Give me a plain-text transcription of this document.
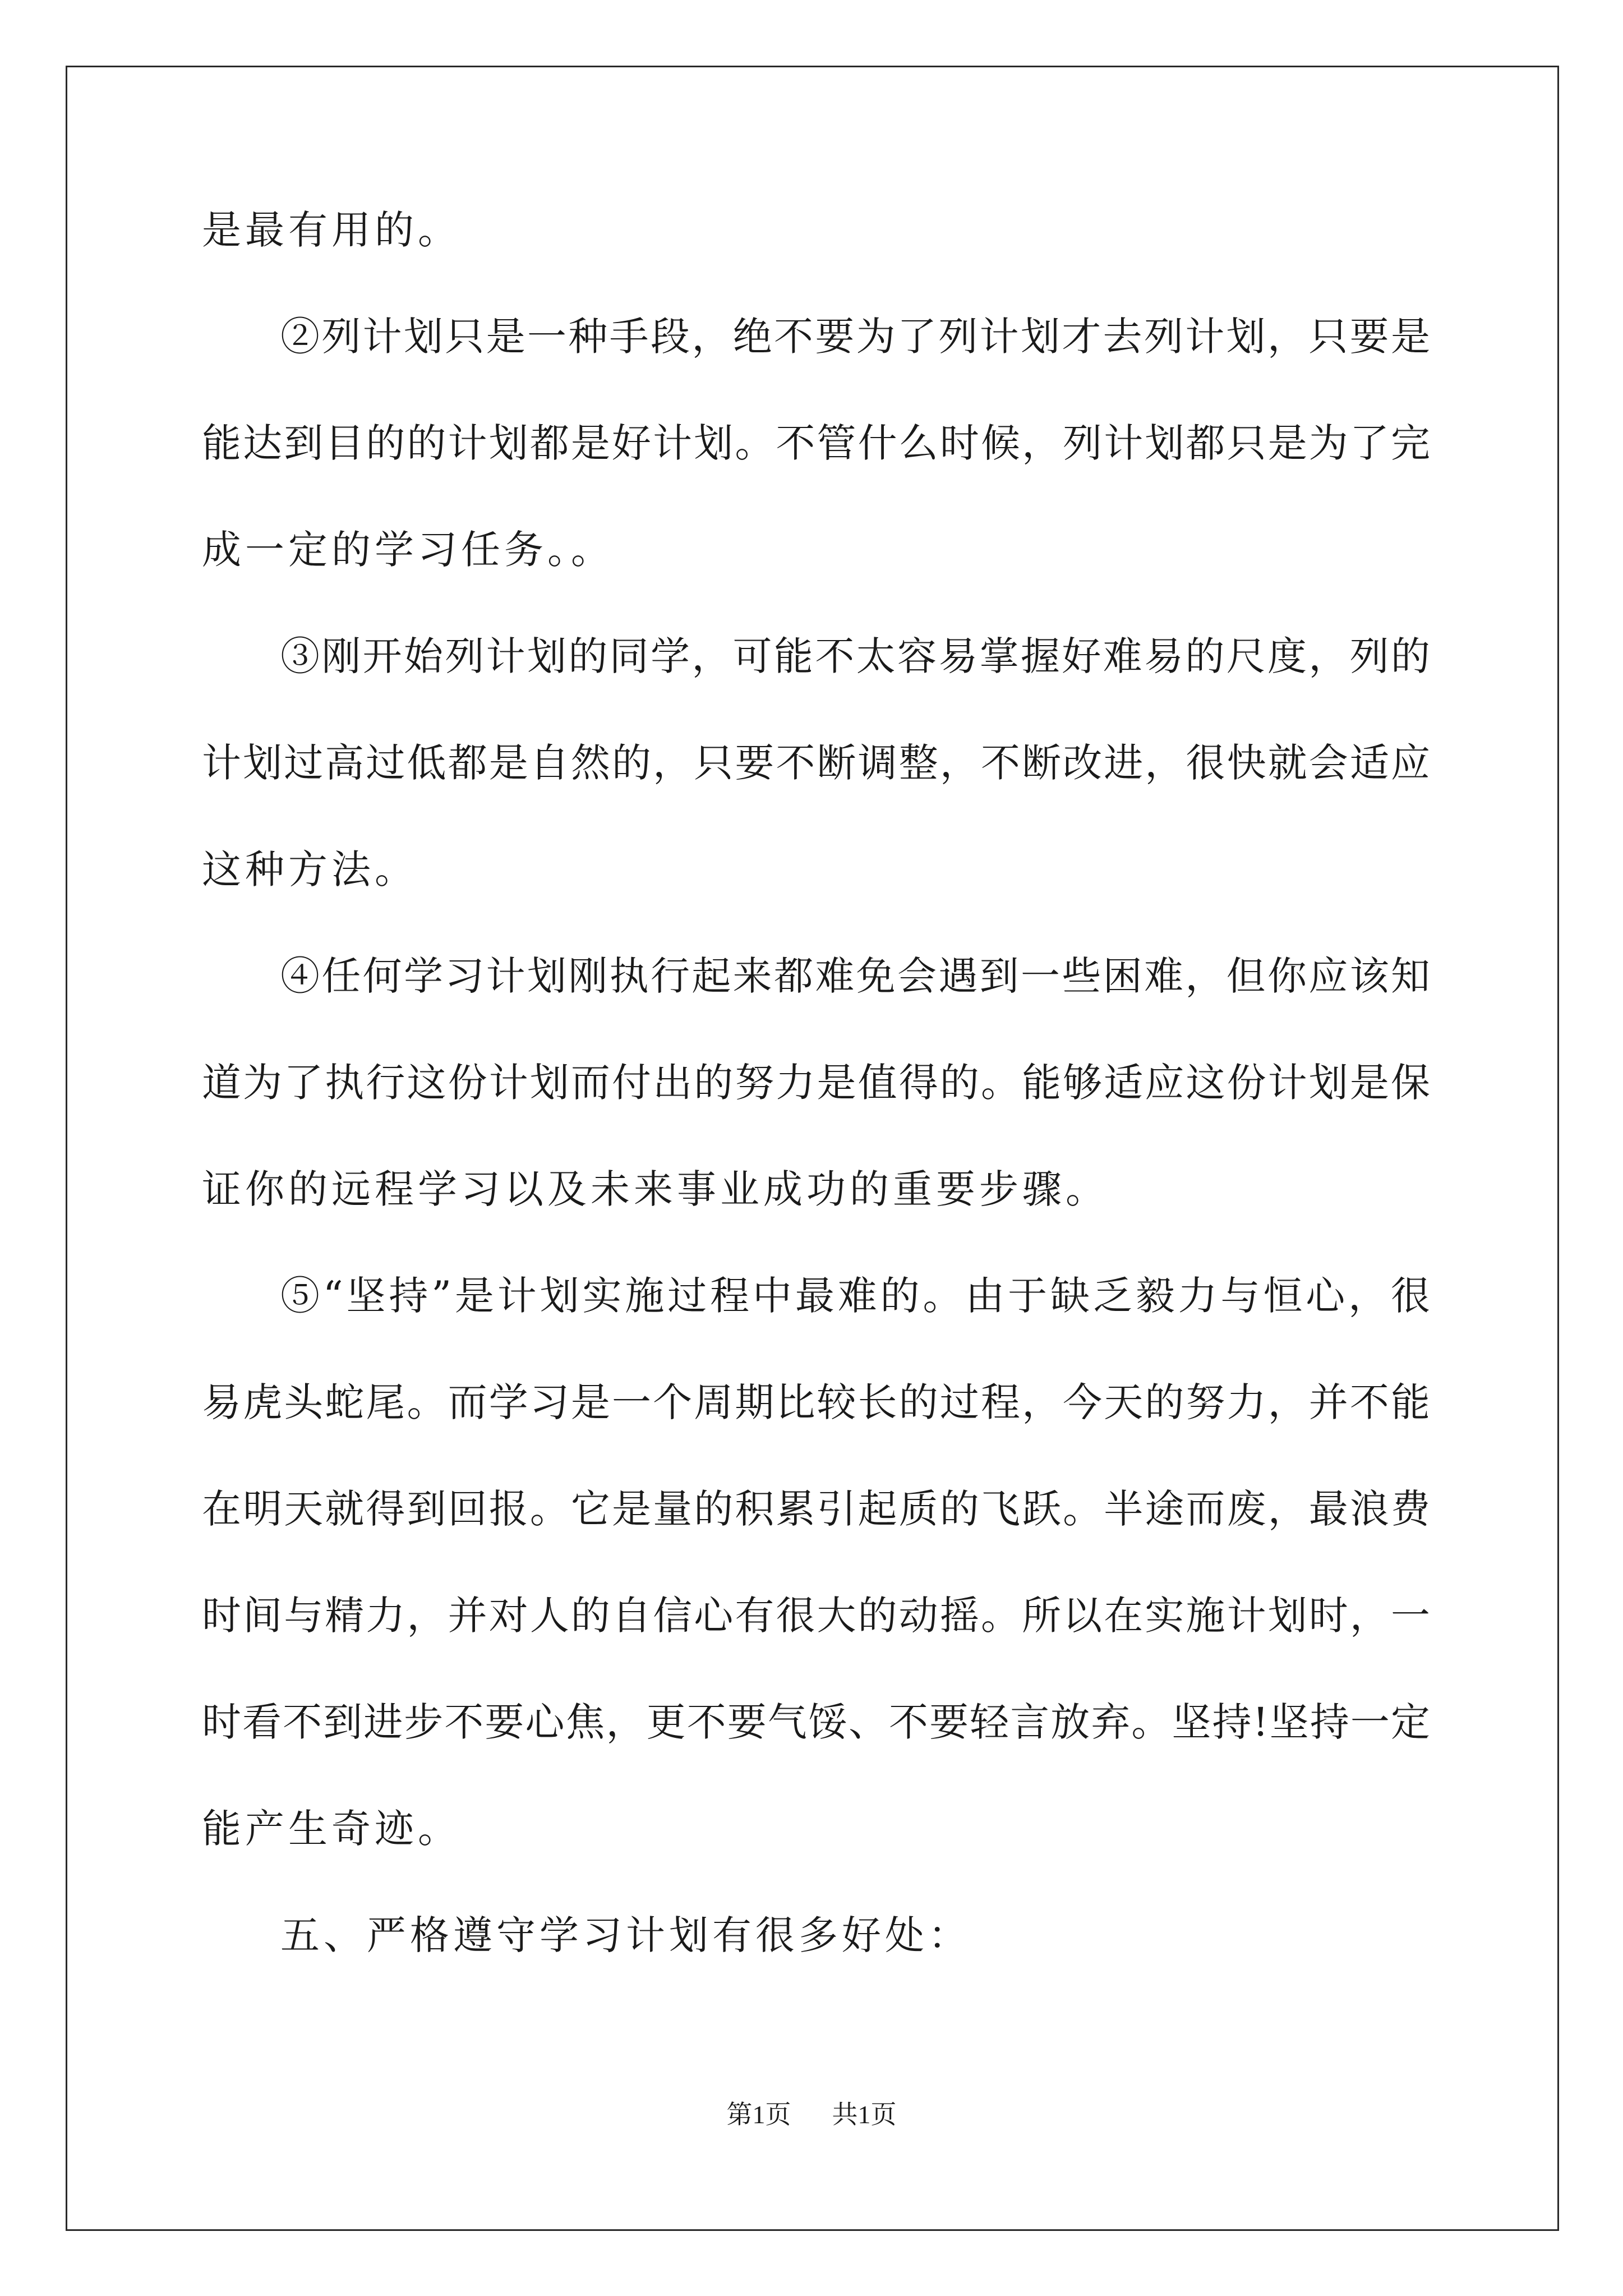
是最有用的。
②列计划只是一种手段，绝不要为了列计划才去列计划，只要是
能达到目的的计划都是好计划。不管什么时候，列计划都只是为了完
成一定的学习任务。。
③刚开始列计划的同学，可能不太容易掌握好难易的尺度，列的
计划过高过低都是自然的，只要不断调整，不断改进，很快就会适应
这种方法。
④任何学习计划刚执行起来都难免会遇到一些困难，但你应该知
道为了执行这份计划而付出的努力是值得的。能够适应这份计划是保
证你的远程学习以及未来事业成功的重要步骤。
⑤“坚持”是计划实施过程中最难的。由于缺乏毅力与恒心，很
易虎头蛇尾。而学习是一个周期比较长的过程，今天的努力，并不能
在明天就得到回报。它是量的积累引起质的飞跃。半途而废，最浪费
时间与精力，并对人的自信心有很大的动摇。所以在实施计划时，一
时看不到进步不要心焦，更不要气馁、不要轻言放弃。坚持!坚持一定
能产生奇迹。
五、严格遵守学习计划有很多好处：
第1页 共1页
